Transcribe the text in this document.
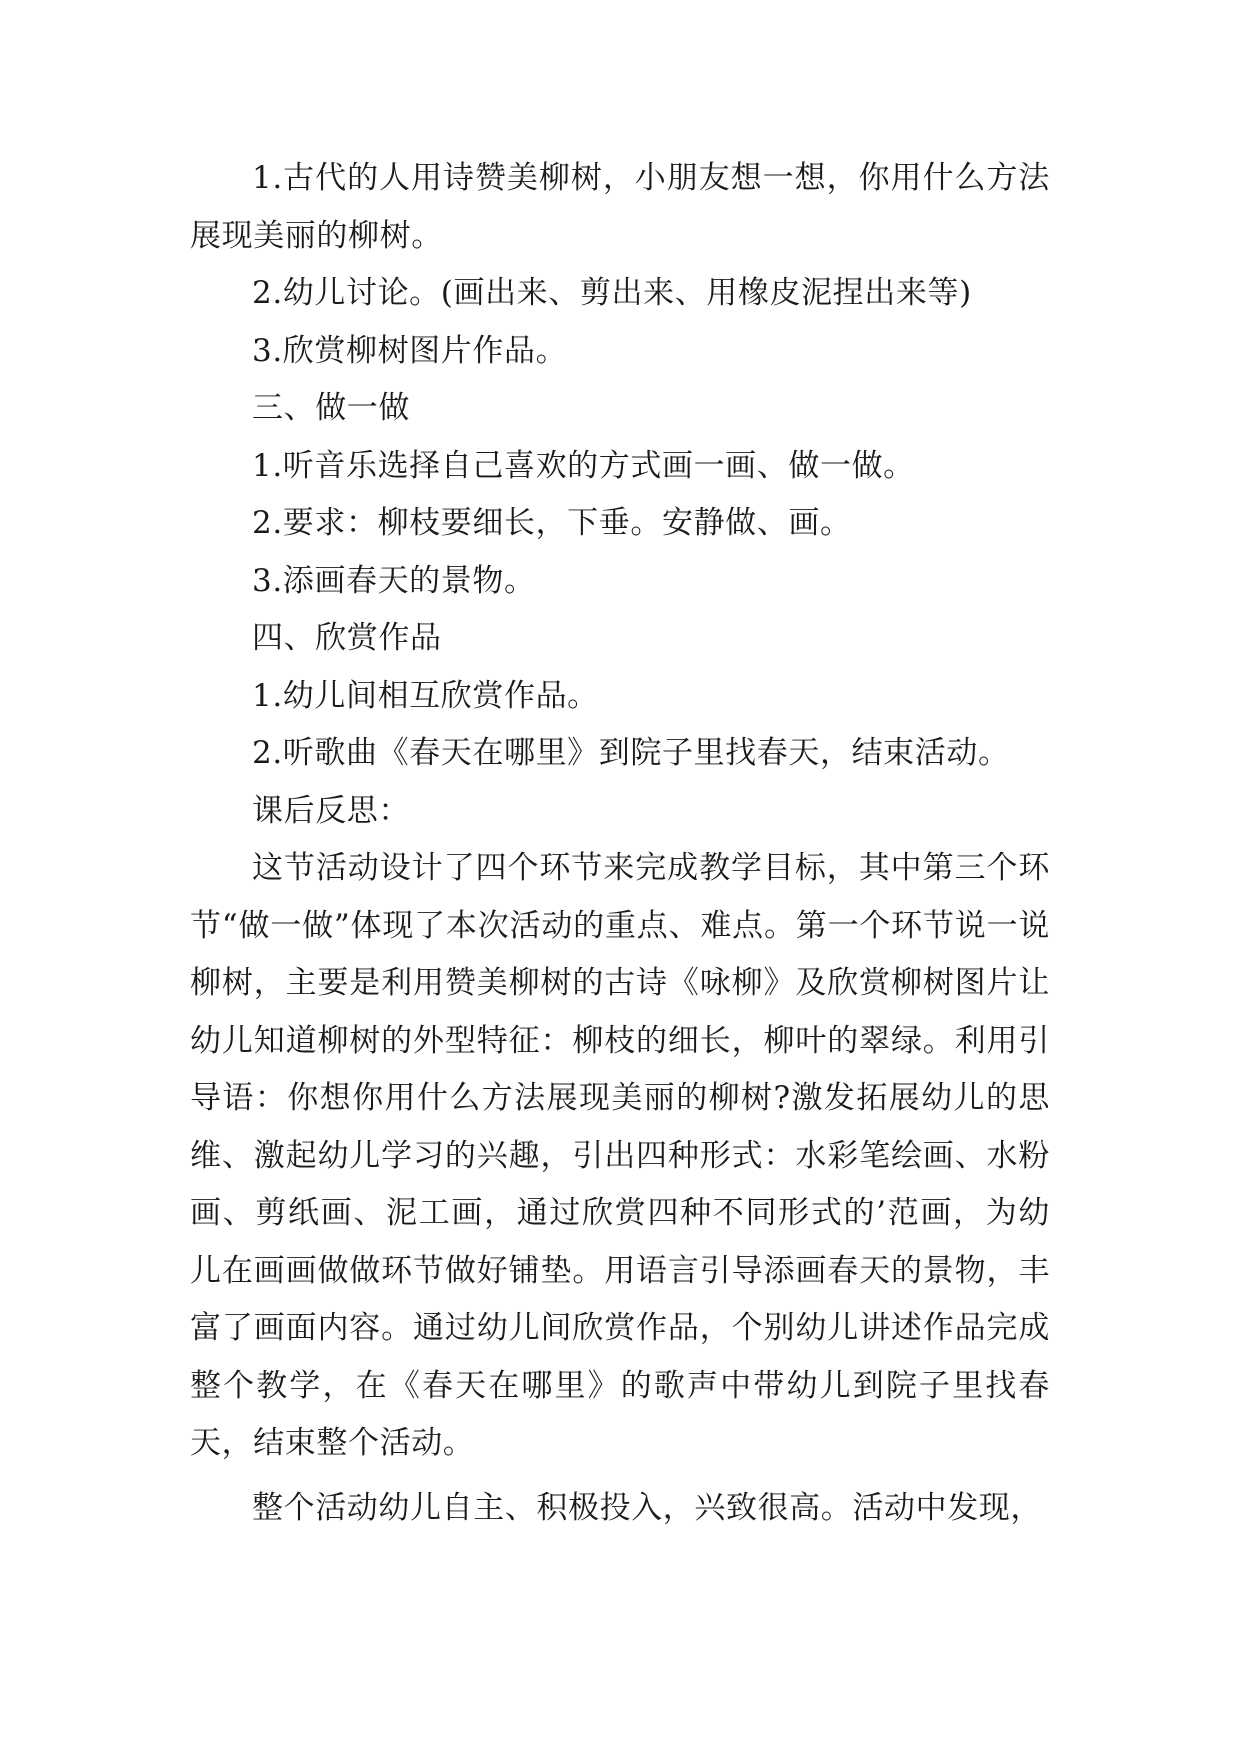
1.古代的人用诗赞美柳树，小朋友想一想，你用什么方法展现美丽的柳树。

2.幼儿讨论。(画出来、剪出来、用橡皮泥捏出来等)

3.欣赏柳树图片作品。

三、做一做

1.听音乐选择自己喜欢的方式画一画、做一做。

2.要求：柳枝要细长，下垂。安静做、画。

3.添画春天的景物。

四、欣赏作品

1.幼儿间相互欣赏作品。

2.听歌曲《春天在哪里》到院子里找春天，结束活动。

课后反思：

这节活动设计了四个环节来完成教学目标，其中第三个环节“做一做”体现了本次活动的重点、难点。第一个环节说一说柳树，主要是利用赞美柳树的古诗《咏柳》及欣赏柳树图片让幼儿知道柳树的外型特征：柳枝的细长，柳叶的翠绿。利用引导语：你想你用什么方法展现美丽的柳树?激发拓展幼儿的思维、激起幼儿学习的兴趣，引出四种形式：水彩笔绘画、水粉画、剪纸画、泥工画，通过欣赏四种不同形式的’范画，为幼儿在画画做做环节做好铺垫。用语言引导添画春天的景物，丰富了画面内容。通过幼儿间欣赏作品，个别幼儿讲述作品完成整个教学，在《春天在哪里》的歌声中带幼儿到院子里找春天，结束整个活动。

整个活动幼儿自主、积极投入，兴致很高。活动中发现，
